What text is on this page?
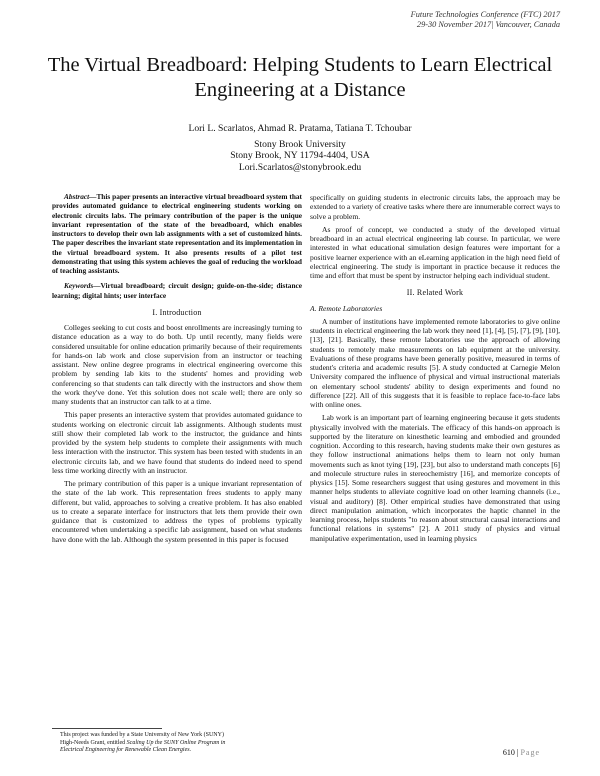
Future Technologies Conference (FTC) 2017
29-30 November 2017| Vancouver, Canada
The Virtual Breadboard: Helping Students to Learn Electrical Engineering at a Distance
Lori L. Scarlatos, Ahmad R. Pratama, Tatiana T. Tchoubar
Stony Brook University
Stony Brook, NY 11794-4404, USA
Lori.Scarlatos@stonybrook.edu

Abstract—This paper presents an interactive virtual breadboard system that provides automated guidance to electrical engineering students working on electronic circuits labs. The primary contribution of the paper is the unique invariant representation of the state of the breadboard, which enables instructors to develop their own lab assignments with a set of customized hints. The paper describes the invariant state representation and its implementation in the virtual breadboard system. It also presents results of a pilot test demonstrating that using this system achieves the goal of reducing the workload of teaching assistants.

Keywords—Virtual breadboard; circuit design; guide-on-the-side; distance learning; digital hints; user interface

I. Introduction

Colleges seeking to cut costs and boost enrollments are increasingly turning to distance education as a way to do both. Up until recently, many fields were considered unsuitable for online education primarily because of their requirements for hands-on lab work and close supervision from an instructor or teaching assistant. New online degree programs in electrical engineering overcome this problem by sending lab kits to the students' homes and providing web conferencing so that students can talk directly with the instructors and show them the work they've done. Yet this solution does not scale well; there are only so many students that an instructor can talk to at a time.

This paper presents an interactive system that provides automated guidance to students working on electronic circuit lab assignments. Although students must still show their completed lab work to the instructor, the guidance and hints provided by the system help students to complete their assignments with much less interaction with the instructor. This system has been tested with students in an electronic circuits lab, and we have found that students do indeed need to spend less time working directly with an instructor.

The primary contribution of this paper is a unique invariant representation of the state of the lab work. This representation frees students to apply many different, but valid, approaches to solving a creative problem. It has also enabled us to create a separate interface for instructors that lets them provide their own guidance that is customized to address the types of problems typically encountered when undertaking a specific lab assignment, based on what students have done with the lab. Although the system presented in this paper is focused

specifically on guiding students in electronic circuits labs, the approach may be extended to a variety of creative tasks where there are innumerable correct ways to solve a problem.

As proof of concept, we conducted a study of the developed virtual breadboard in an actual electrical engineering lab course. In particular, we were interested in what educational simulation design features were important for a positive learner experience with an eLearning application in the high need field of electrical engineering. The study is important in practice because it reduces the time and effort that must be spent by instructor helping each individual student.

II. Related Work
A. Remote Laboratories

A number of institutions have implemented remote laboratories to give online students in electrical engineering the lab work they need [1], [4], [5], [7], [9], [10], [13], [21]. Basically, these remote laboratories use the approach of allowing students to remotely make measurements on lab equipment at the university. Evaluations of these programs have been generally positive, measured in terms of student's criteria and academic results [5]. A study conducted at Carnegie Melon University compared the influence of physical and virtual instructional materials on elementary school students' ability to design experiments and found no difference [22]. All of this suggests that it is feasible to replace face-to-face labs with online ones.

Lab work is an important part of learning engineering because it gets students physically involved with the materials. The efficacy of this hands-on approach is supported by the literature on kinesthetic learning and embodied and grounded cognition. According to this research, having students make their own gestures as they follow instructional animations helps them to learn not only human movements such as knot tying [19], [23], but also to understand math concepts [6] and molecule structure rules in stereochemistry [16], and memorize concepts of physics [15]. Some researchers suggest that using gestures and movement in this manner helps students to alleviate cognitive load on other learning channels (i.e., visual and auditory) [8]. Other empirical studies have demonstrated that using direct manipulation animation, which incorporates the haptic channel in the learning process, helps students "to reason about structural causal interactions and functional relations in systems" [2]. A 2011 study of physics and virtual manipulative experimentation, used in learning physics

This project was funded by a State University of New York (SUNY)
High-Needs Grant, entitled Scaling Up the SUNY Online Program in
Electrical Engineering for Renewable Clean Energies.	610 | Page
